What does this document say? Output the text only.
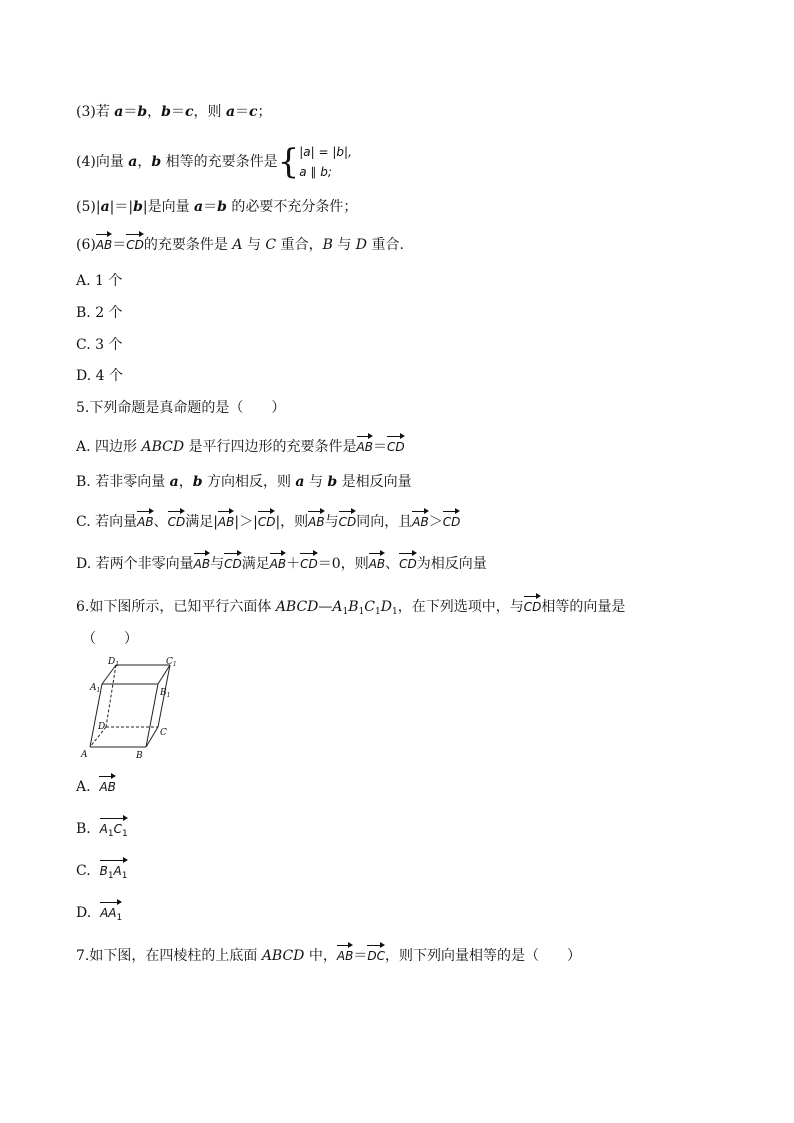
(3)若 a＝b，b＝c，则 a＝c；
(4)向量 a，b 相等的充要条件是{|a| = |b|,
a ∥ b;
(5)|a|＝|b|是向量 a＝b 的必要不充分条件；
(6)AB＝CD的充要条件是 A 与 C 重合，B 与 D 重合.
A. 1 个
B. 2 个
C. 3 个
D. 4 个
5.下列命题是真命题的是（　　）
A. 四边形 ABCD 是平行四边形的充要条件是AB＝CD
B. 若非零向量 a，b 方向相反，则 a 与 b 是相反向量
C. 若向量AB、CD满足|AB|＞|CD|，则AB与CD同向，且AB＞CD
D. 若两个非零向量AB与CD满足AB＋CD＝0，则AB、CD为相反向量
6.如下图所示，已知平行六面体 $ABCD—A_1B_1C_1D_1$，在下列选项中，与CD相等的向量是
（　　）
$D_1$	$C_1$
$A_1$	$B_1$
D
C
A	B
A. AB
B. $A_1C_1$
C. $B_1A_1$
D. $AA_1$
7.如下图，在四棱柱的上底面 ABCD 中，AB＝DC，则下列向量相等的是（　　）
